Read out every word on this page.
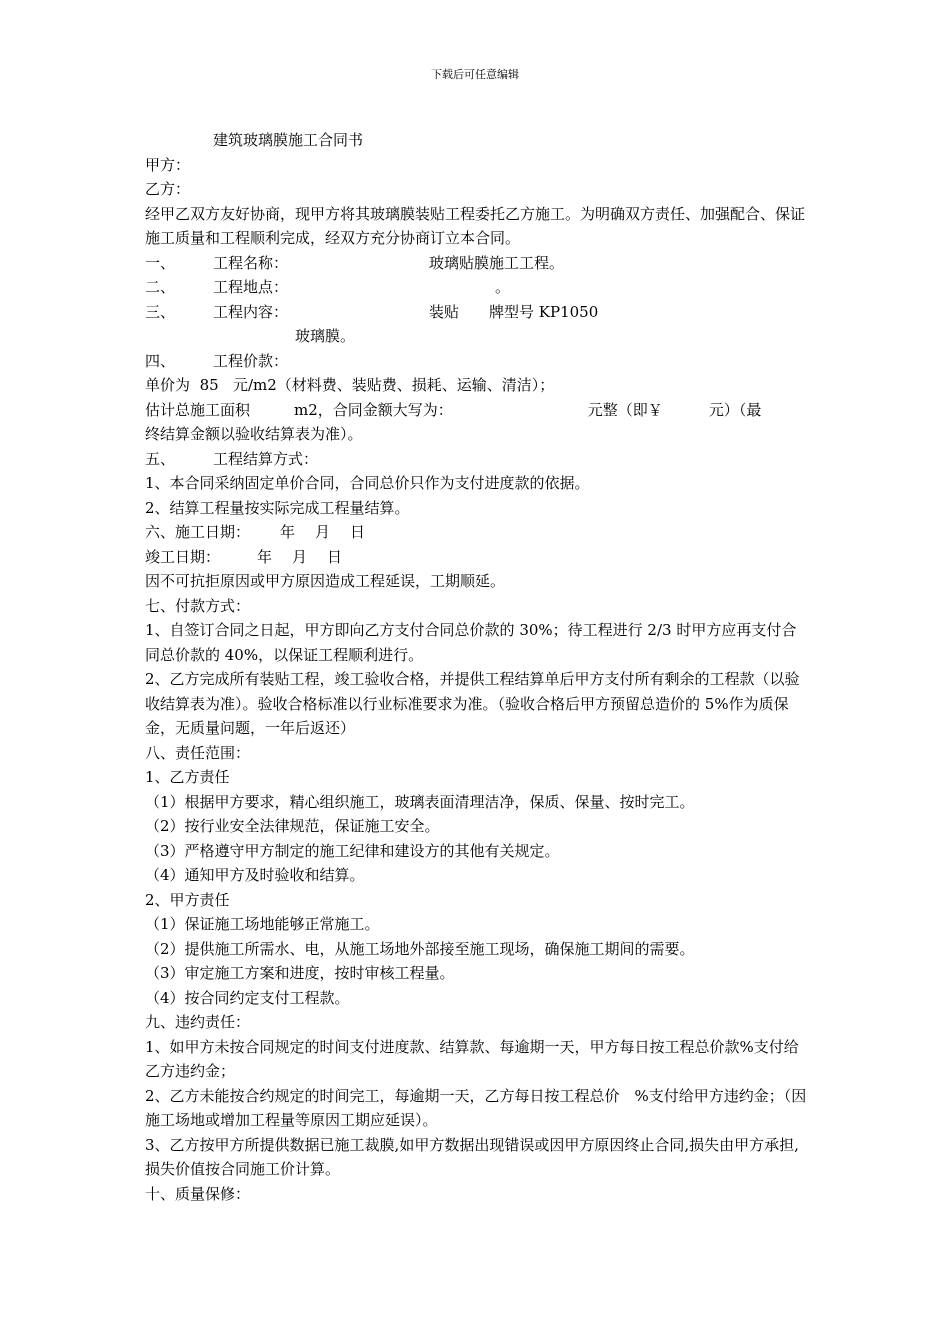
下载后可任意编辑
建筑玻璃膜施工合同书
甲方：
乙方：
经甲乙双方友好协商，现甲方将其玻璃膜装贴工程委托乙方施工。为明确双方责任、加强配合、保证施工质量和工程顺利完成，经双方充分协商订立本合同。
一、	工程名称：	玻璃贴膜施工工程。
二、	工程地点：	。
三、	工程内容：	装贴 牌型号 KP1050
玻璃膜。
四、	工程价款：
单价为 85 元/m2（材料费、装贴费、损耗、运输、清洁）；
估计总施工面积	m2，合同金额大写为：	元整（即￥	元）（最
终结算金额以验收结算表为准）。
五、	工程结算方式：
1、本合同采纳固定单价合同，合同总价只作为支付进度款的依据。
2、结算工程量按实际完成工程量结算。
六、施工日期： 年 月 日
竣工日期： 年 月 日
因不可抗拒原因或甲方原因造成工程延误，工期顺延。
七、付款方式：
1、自签订合同之日起，甲方即向乙方支付合同总价款的 30%；待工程进行 2/3 时甲方应再支付合同总价款的 40%，以保证工程顺利进行。
2、乙方完成所有装贴工程，竣工验收合格，并提供工程结算单后甲方支付所有剩余的工程款（以验收结算表为准）。验收合格标准以行业标准要求为准。（验收合格后甲方预留总造价的 5%作为质保金，无质量问题，一年后返还）
八、责任范围：
1、乙方责任
（1）根据甲方要求，精心组织施工，玻璃表面清理洁净，保质、保量、按时完工。
（2）按行业安全法律规范，保证施工安全。
（3）严格遵守甲方制定的施工纪律和建设方的其他有关规定。
（4）通知甲方及时验收和结算。
2、甲方责任
（1）保证施工场地能够正常施工。
（2）提供施工所需水、电，从施工场地外部接至施工现场，确保施工期间的需要。
（3）审定施工方案和进度，按时审核工程量。
（4）按合同约定支付工程款。
九、违约责任：
1、如甲方未按合同规定的时间支付进度款、结算款、每逾期一天，甲方每日按工程总价款%支付给乙方违约金；
2、乙方未能按合约规定的时间完工，每逾期一天，乙方每日按工程总价　%支付给甲方违约金；（因施工场地或增加工程量等原因工期应延误）。
3、乙方按甲方所提供数据已施工裁膜,如甲方数据出现错误或因甲方原因终止合同,损失由甲方承担,损失价值按合同施工价计算。
十、质量保修：
